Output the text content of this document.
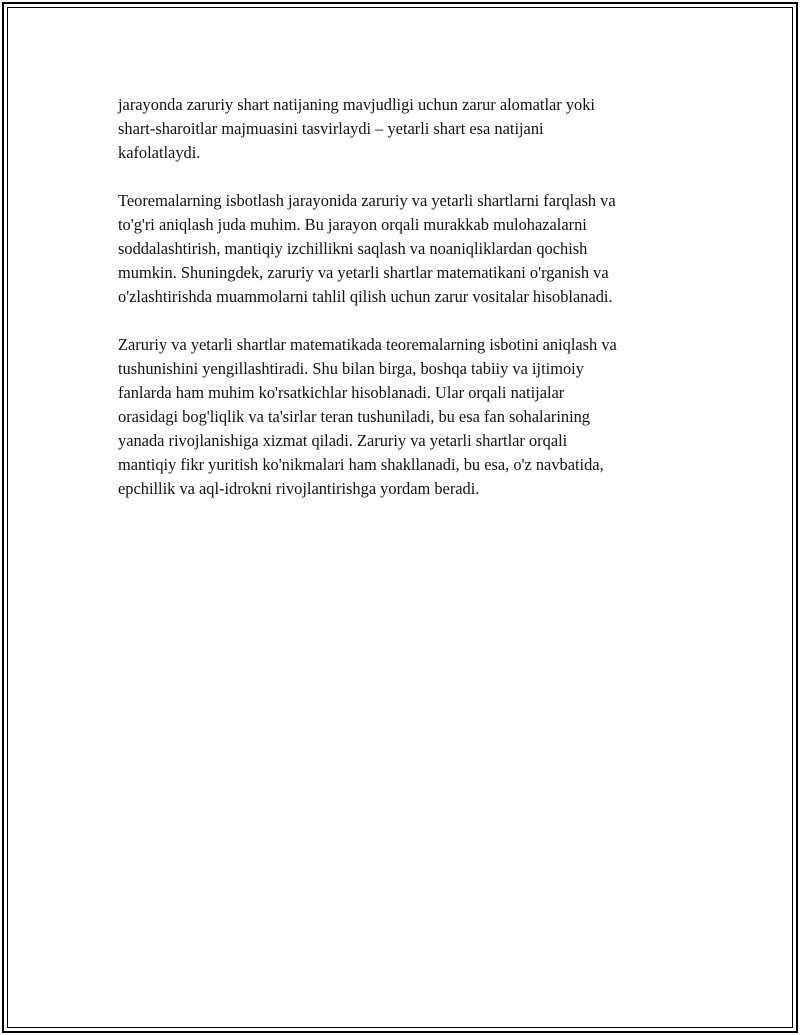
jarayonda zaruriy shart natijaning mavjudligi uchun zarur alomatlar yoki
shart-sharoitlar majmuasini tasvirlaydi – yetarli shart esa natijani
kafolatlaydi.

Teoremalarning isbotlash jarayonida zaruriy va yetarli shartlarni farqlash va
to'g'ri aniqlash juda muhim. Bu jarayon orqali murakkab mulohazalarni
soddalashtirish, mantiqiy izchillikni saqlash va noaniqliklardan qochish
mumkin. Shuningdek, zaruriy va yetarli shartlar matematikani o'rganish va
o'zlashtirishda muammolarni tahlil qilish uchun zarur vositalar hisoblanadi.

Zaruriy va yetarli shartlar matematikada teoremalarning isbotini aniqlash va
tushunishini yengillashtiradi. Shu bilan birga, boshqa tabiiy va ijtimoiy
fanlarda ham muhim ko'rsatkichlar hisoblanadi. Ular orqali natijalar
orasidagi bog'liqlik va ta'sirlar teran tushuniladi, bu esa fan sohalarining
yanada rivojlanishiga xizmat qiladi. Zaruriy va yetarli shartlar orqali
mantiqiy fikr yuritish ko'nikmalari ham shakllanadi, bu esa, o'z navbatida,
epchillik va aql-idrokni rivojlantirishga yordam beradi.
